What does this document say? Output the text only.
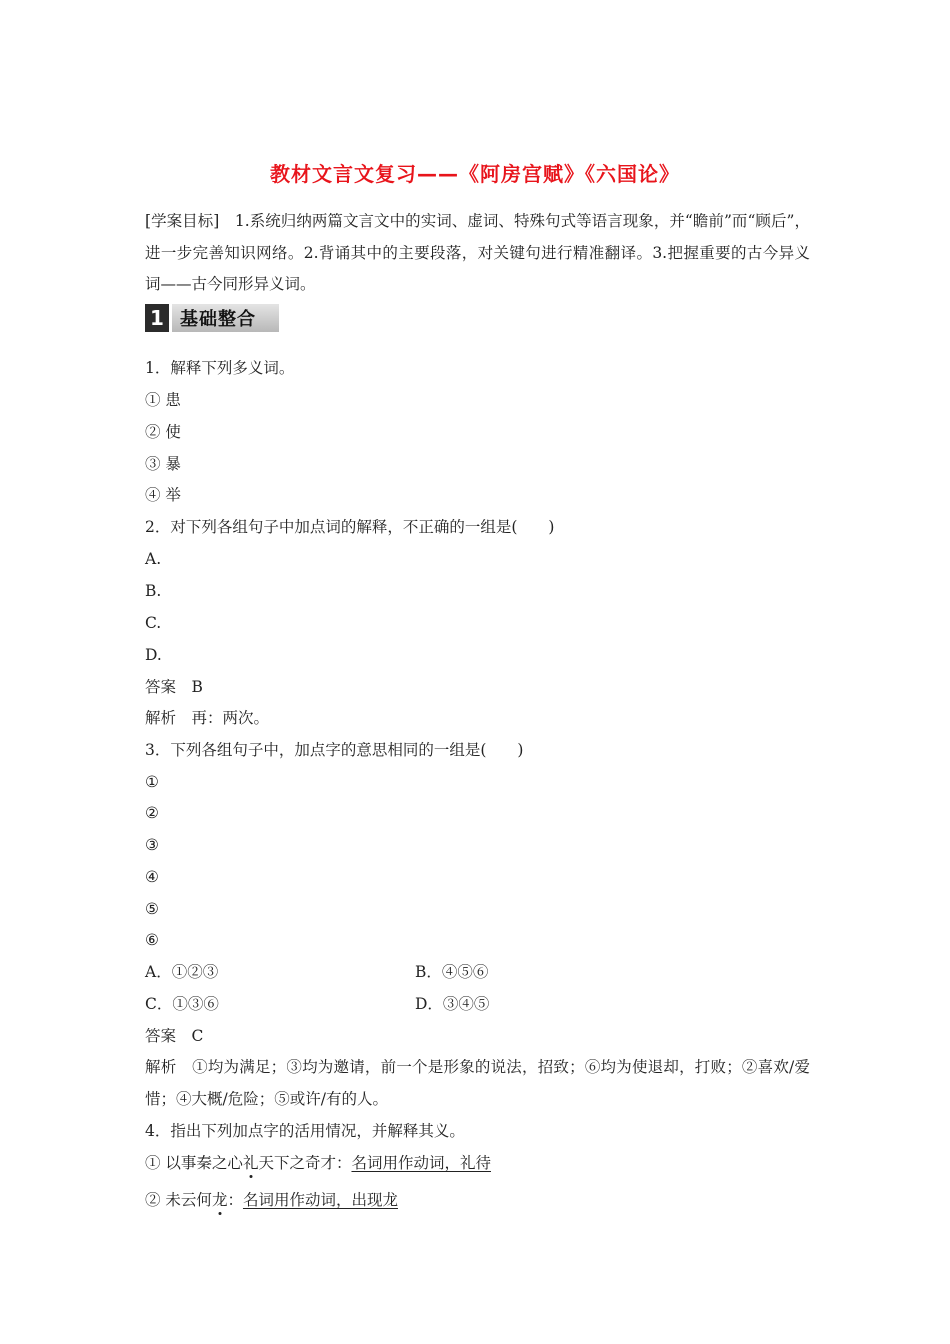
教材文言文复习——《阿房宫赋》《六国论》
[学案目标]　1.系统归纳两篇文言文中的实词、虚词、特殊句式等语言现象，并“瞻前”而“顾后”，进一步完善知识网络。2.背诵其中的主要段落，对关键句进行精准翻译。3.把握重要的古今异义词——古今同形异义词。
1 基础整合
1．解释下列多义词。
① 患
② 使
③ 暴
④ 举
2．对下列各组句子中加点词的解释，不正确的一组是(　　)
A.
B.
C.
D.
答案　B
解析　再：两次。
3．下列各组句子中，加点字的意思相同的一组是(　　)
①
②
③
④
⑤
⑥
A．①②③	B．④⑤⑥
C．①③⑥	D．③④⑤
答案　C
解析　①均为满足；③均为邀请，前一个是形象的说法，招致；⑥均为使退却，打败；②喜欢/爱惜；④大概/危险；⑤或许/有的人。
4．指出下列加点字的活用情况，并解释其义。
① 以事秦之心礼天下之奇才：名词用作动词，礼待
② 未云何龙：名词用作动词，出现龙
